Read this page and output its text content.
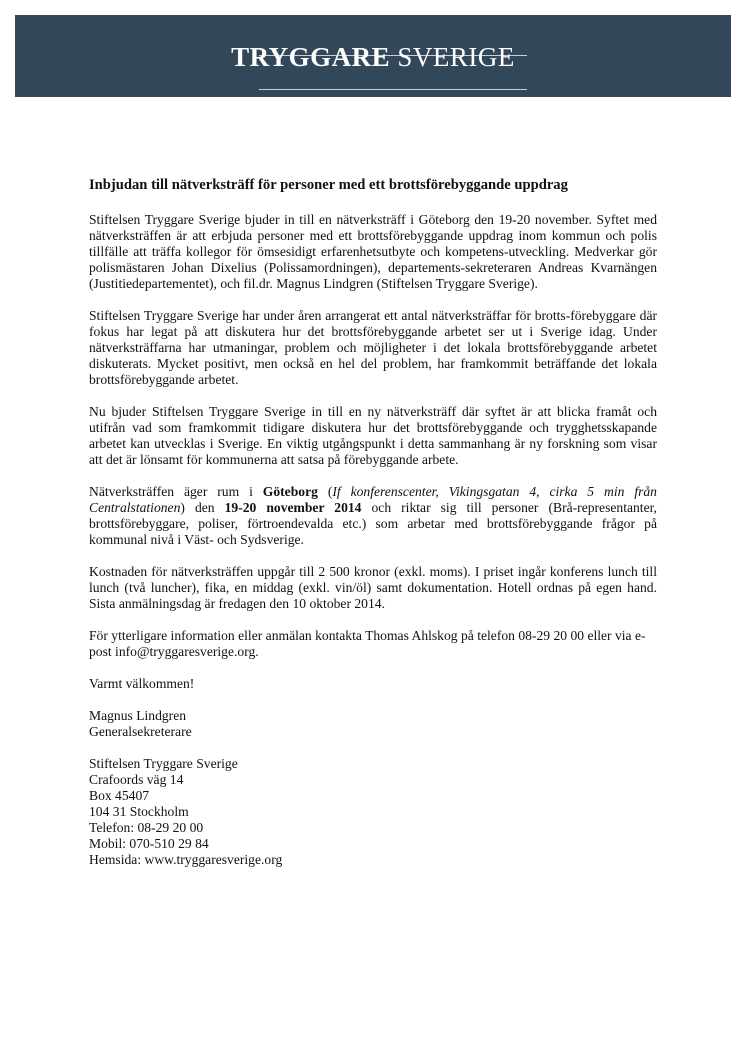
TRYGGARE SVERIGE
Inbjudan till nätverksträff för personer med ett brottsförebyggande uppdrag

Stiftelsen Tryggare Sverige bjuder in till en nätverksträff i Göteborg den 19-20 november. Syftet med nätverksträffen är att erbjuda personer med ett brottsförebyggande uppdrag inom kommun och polis tillfälle att träffa kollegor för ömsesidigt erfarenhetsutbyte och kompetens-utveckling. Medverkar gör polismästaren Johan Dixelius (Polissamordningen), departements-sekreteraren Andreas Kvarnängen (Justitiedepartementet), och fil.dr. Magnus Lindgren (Stiftelsen Tryggare Sverige).

Stiftelsen Tryggare Sverige har under åren arrangerat ett antal nätverksträffar för brotts-förebyggare där fokus har legat på att diskutera hur det brottsförebyggande arbetet ser ut i Sverige idag. Under nätverksträffarna har utmaningar, problem och möjligheter i det lokala brottsförebyggande arbetet diskuterats. Mycket positivt, men också en hel del problem, har framkommit beträffande det lokala brottsförebyggande arbetet.

Nu bjuder Stiftelsen Tryggare Sverige in till en ny nätverksträff där syftet är att blicka framåt och utifrån vad som framkommit tidigare diskutera hur det brottsförebyggande och trygghetsskapande arbetet kan utvecklas i Sverige. En viktig utgångspunkt i detta sammanhang är ny forskning som visar att det är lönsamt för kommunerna att satsa på förebyggande arbete.

Nätverksträffen äger rum i Göteborg (If konferenscenter, Vikingsgatan 4, cirka 5 min från Centralstationen) den 19-20 november 2014 och riktar sig till personer (Brå-representanter, brottsförebyggare, poliser, förtroendevalda etc.) som arbetar med brottsförebyggande frågor på kommunal nivå i Väst- och Sydsverige.

Kostnaden för nätverksträffen uppgår till 2 500 kronor (exkl. moms). I priset ingår konferens lunch till lunch (två luncher), fika, en middag (exkl. vin/öl) samt dokumentation. Hotell ordnas på egen hand. Sista anmälningsdag är fredagen den 10 oktober 2014.

För ytterligare information eller anmälan kontakta Thomas Ahlskog på telefon 08-29 20 00 eller via e-post info@tryggaresverige.org.

Varmt välkommen!

Magnus Lindgren
Generalsekreterare
Stiftelsen Tryggare Sverige
Crafoords väg 14
Box 45407
104 31 Stockholm
Telefon: 08-29 20 00
Mobil: 070-510 29 84
Hemsida: www.tryggaresverige.org
